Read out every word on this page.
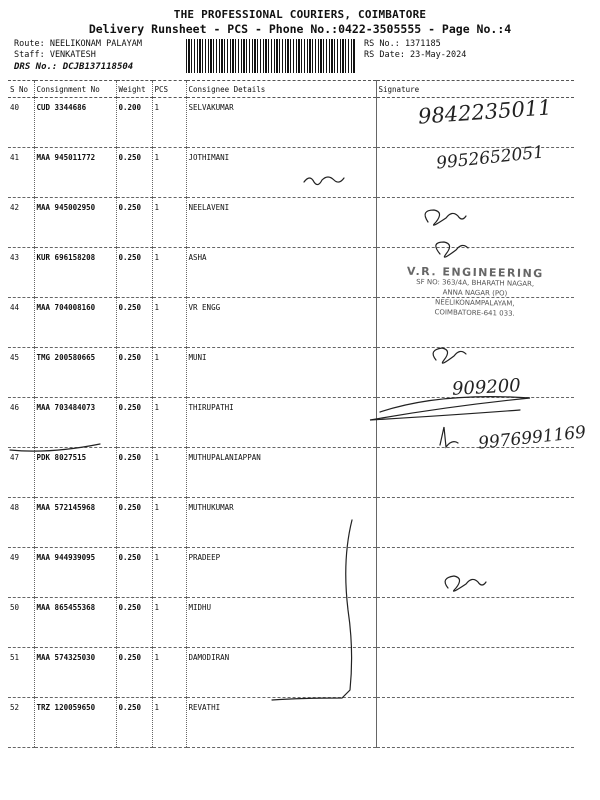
THE PROFESSIONAL COURIERS, COIMBATORE
Delivery Runsheet - PCS - Phone No.:0422-3505555 - Page No.:4
Route: NEELIKONAM PALAYAM
Staff: VENKATESH
DRS No.: DCJB137118504
RS No.: 1371185
RS Date: 23-May-2024
S No	Consignment No	Weight	PCS	Consignee Details	Signature
40	CUD 3344686	0.200	1	SELVAKUMAR	
41	MAA 945011772	0.250	1	JOTHIMANI	
42	MAA 945002950	0.250	1	NEELAVENI	
43	KUR 696158208	0.250	1	ASHA	
44	MAA 704008160	0.250	1	VR ENGG	
45	TMG 200580665	0.250	1	MUNI	
46	MAA 703484073	0.250	1	THIRUPATHI	
47	PDK 8027515	0.250	1	MUTHUPALANIAPPAN	
48	MAA 572145968	0.250	1	MUTHUKUMAR	
49	MAA 944939095	0.250	1	PRADEEP	
50	MAA 865455368	0.250	1	MIDHU	
51	MAA 574325030	0.250	1	DAMODIRAN	
52	TRZ 120059650	0.250	1	REVATHI	
9842235011
9952652051
909200
9976991169
V.R. ENGINEERING
SF NO: 363/4A, BHARATH NAGAR,
ANNA NAGAR (PO)
NEELIKONAMPALAYAM,
COIMBATORE-641 033.
